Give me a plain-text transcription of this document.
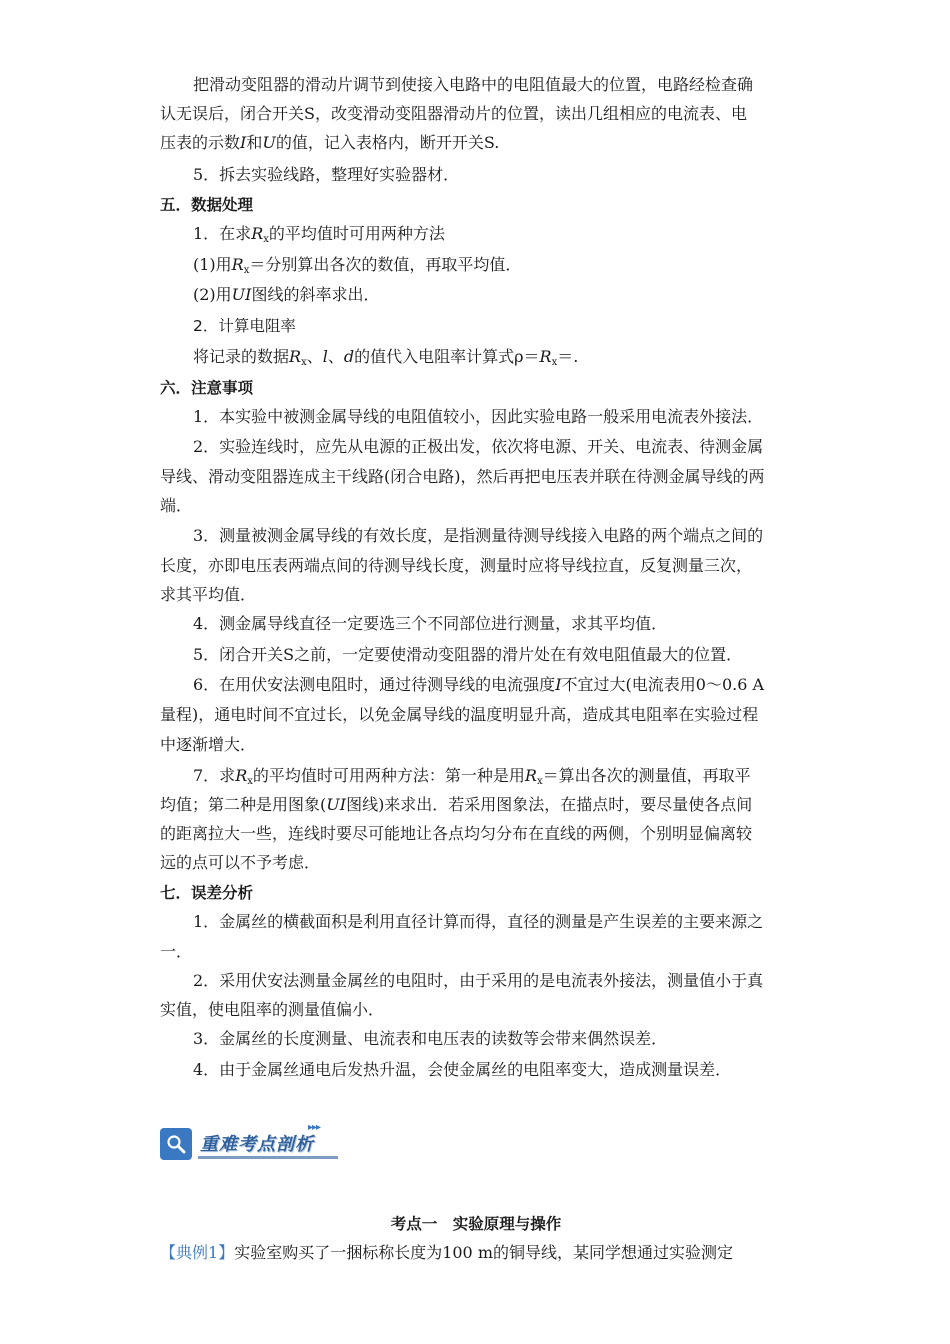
把滑动变阻器的滑动片调节到使接入电路中的电阻值最大的位置，电路经检查确
认无误后，闭合开关S，改变滑动变阻器滑动片的位置，读出几组相应的电流表、电
压表的示数I和U的值，记入表格内，断开开关S.
5．拆去实验线路，整理好实验器材．
五．数据处理
1．在求$R_x$的平均值时可用两种方法
(1)用$R_x=$分别算出各次的数值，再取平均值．
(2)用UI图线的斜率求出．
2．计算电阻率
将记录的数据$R_x$、l、d的值代入电阻率计算式$\rho=R_x=$.
六．注意事项
1．本实验中被测金属导线的电阻值较小，因此实验电路一般采用电流表外接法．
2．实验连线时，应先从电源的正极出发，依次将电源、开关、电流表、待测金属
导线、滑动变阻器连成主干线路(闭合电路)，然后再把电压表并联在待测金属导线的两
端．
3．测量被测金属导线的有效长度，是指测量待测导线接入电路的两个端点之间的
长度，亦即电压表两端点间的待测导线长度，测量时应将导线拉直，反复测量三次，
求其平均值．
4．测金属导线直径一定要选三个不同部位进行测量，求其平均值．
5．闭合开关S之前，一定要使滑动变阻器的滑片处在有效电阻值最大的位置．
6．在用伏安法测电阻时，通过待测导线的电流强度I不宜过大(电流表用0～0.6 A
量程)，通电时间不宜过长，以免金属导线的温度明显升高，造成其电阻率在实验过程
中逐渐增大．
7．求$R_x$的平均值时可用两种方法：第一种是用$R_x=$算出各次的测量值，再取平
均值；第二种是用图象(UI图线)来求出．若采用图象法，在描点时，要尽量使各点间
的距离拉大一些，连线时要尽可能地让各点均匀分布在直线的两侧，个别明显偏离较
远的点可以不予考虑．
七．误差分析
1．金属丝的横截面积是利用直径计算而得，直径的测量是产生误差的主要来源之
一．
2．采用伏安法测量金属丝的电阻时，由于采用的是电流表外接法，测量值小于真
实值，使电阻率的测量值偏小．
3．金属丝的长度测量、电流表和电压表的读数等会带来偶然误差．
4．由于金属丝通电后发热升温，会使金属丝的电阻率变大，造成测量误差．
▸▸▸
重难考点剖析
考点一　实验原理与操作
【典例1】实验室购买了一捆标称长度为100 m的铜导线，某同学想通过实验测定
